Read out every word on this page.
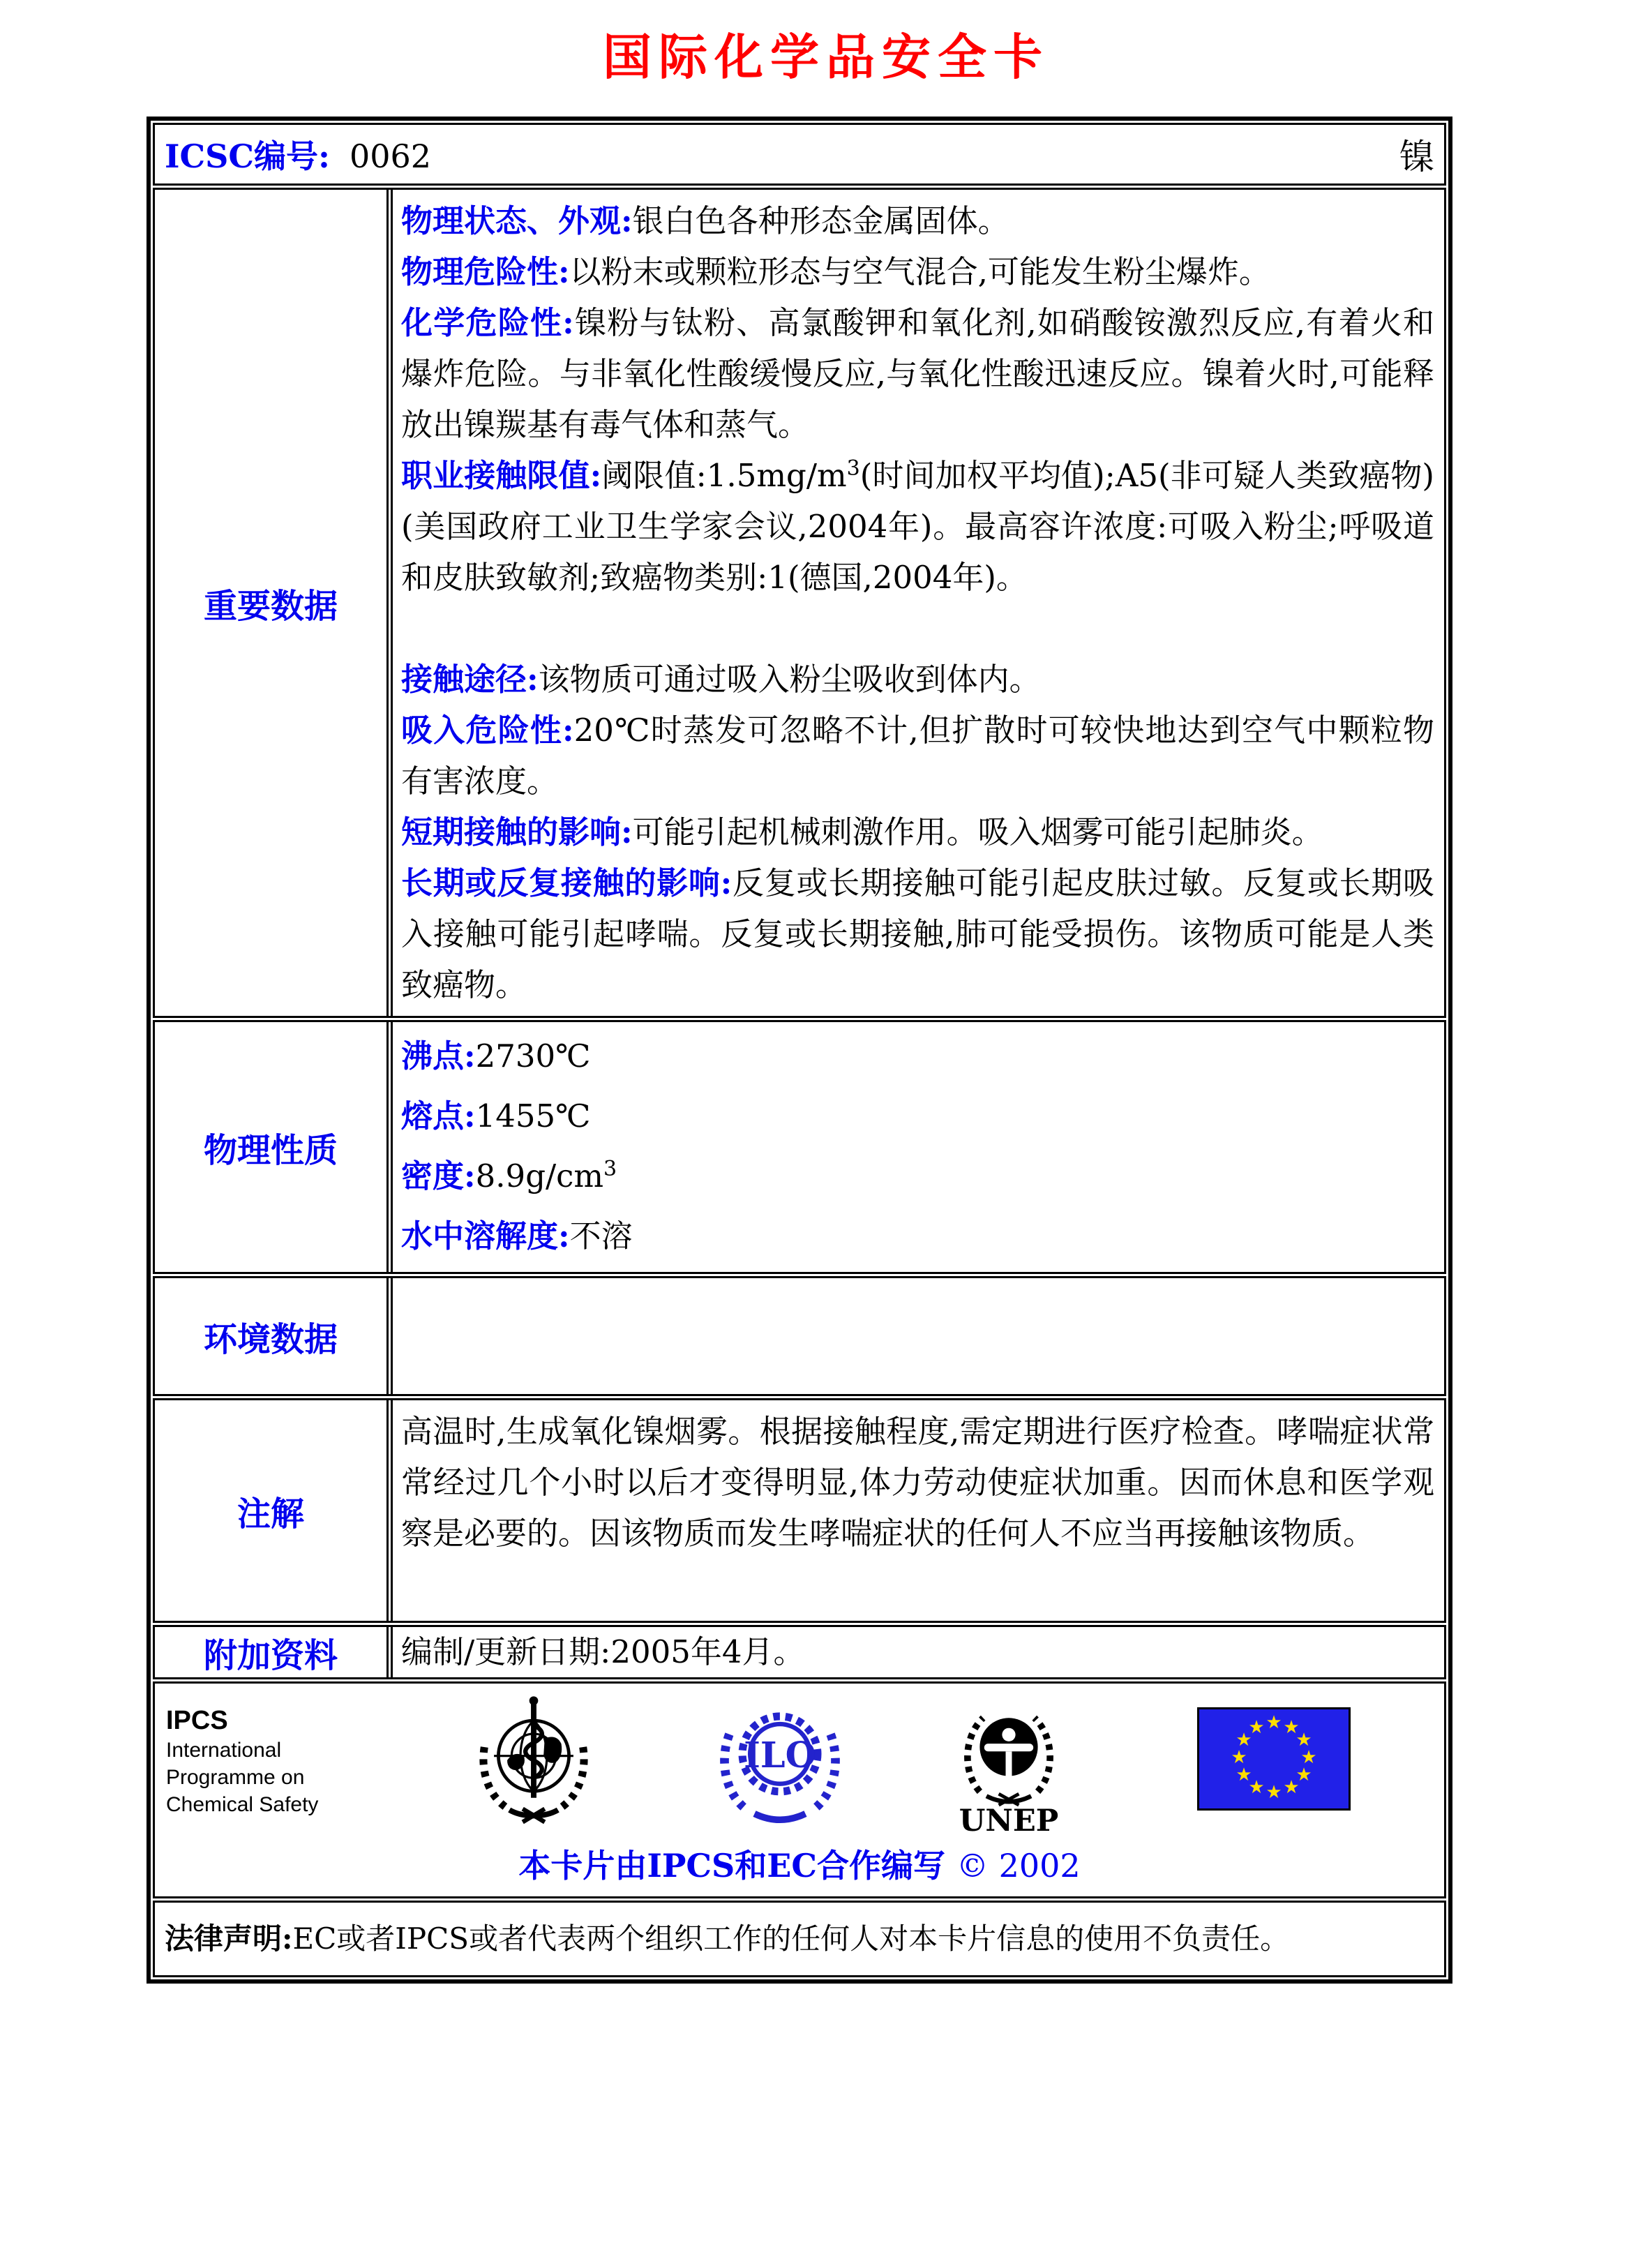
国际化学品安全卡
ICSC编号: 0062	镍
重要数据

物理状态、外观:银白色各种形态金属固体。

物理危险性:以粉末或颗粒形态与空气混合,可能发生粉尘爆炸。

化学危险性:镍粉与钛粉、高氯酸钾和氧化剂,如硝酸铵激烈反应,有着火和爆炸危险。与非氧化性酸缓慢反应,与氧化性酸迅速反应。镍着火时,可能释放出镍羰基有毒气体和蒸气。

职业接触限值:阈限值$:1.5mg/m^3$(时间加权平均值);A5(非可疑人类致癌物)(美国政府工业卫生学家会议,2004年)。最高容许浓度:可吸入粉尘;呼吸道和皮肤致敏剂;致癌物类别:1(德国,2004年)。

接触途径:该物质可通过吸入粉尘吸收到体内。

吸入危险性:20℃时蒸发可忽略不计,但扩散时可较快地达到空气中颗粒物有害浓度。

短期接触的影响:可能引起机械刺激作用。吸入烟雾可能引起肺炎。

长期或反复接触的影响:反复或长期接触可能引起皮肤过敏。反复或长期吸入接触可能引起哮喘。反复或长期接触,肺可能受损伤。该物质可能是人类致癌物。

物理性质

沸点:2730℃

熔点:1455℃

密度$:8.9g/cm^3$

水中溶解度:不溶

环境数据
注解

高温时,生成氧化镍烟雾。根据接触程度,需定期进行医疗检查。哮喘症状常常经过几个小时以后才变得明显,体力劳动使症状加重。因而休息和医学观察是必要的。因该物质而发生哮喘症状的任何人不应当再接触该物质。

附加资料	编制/更新日期:2005年4月。
IPCS
International
Programme on
Chemical Safety
ILO
UNEP
★ ★
★
★
★
★
★
★
★
★
★
★
本卡片由IPCS和EC合作编写 © 2002
法律声明:EC或者IPCS或者代表两个组织工作的任何人对本卡片信息的使用不负责任。
